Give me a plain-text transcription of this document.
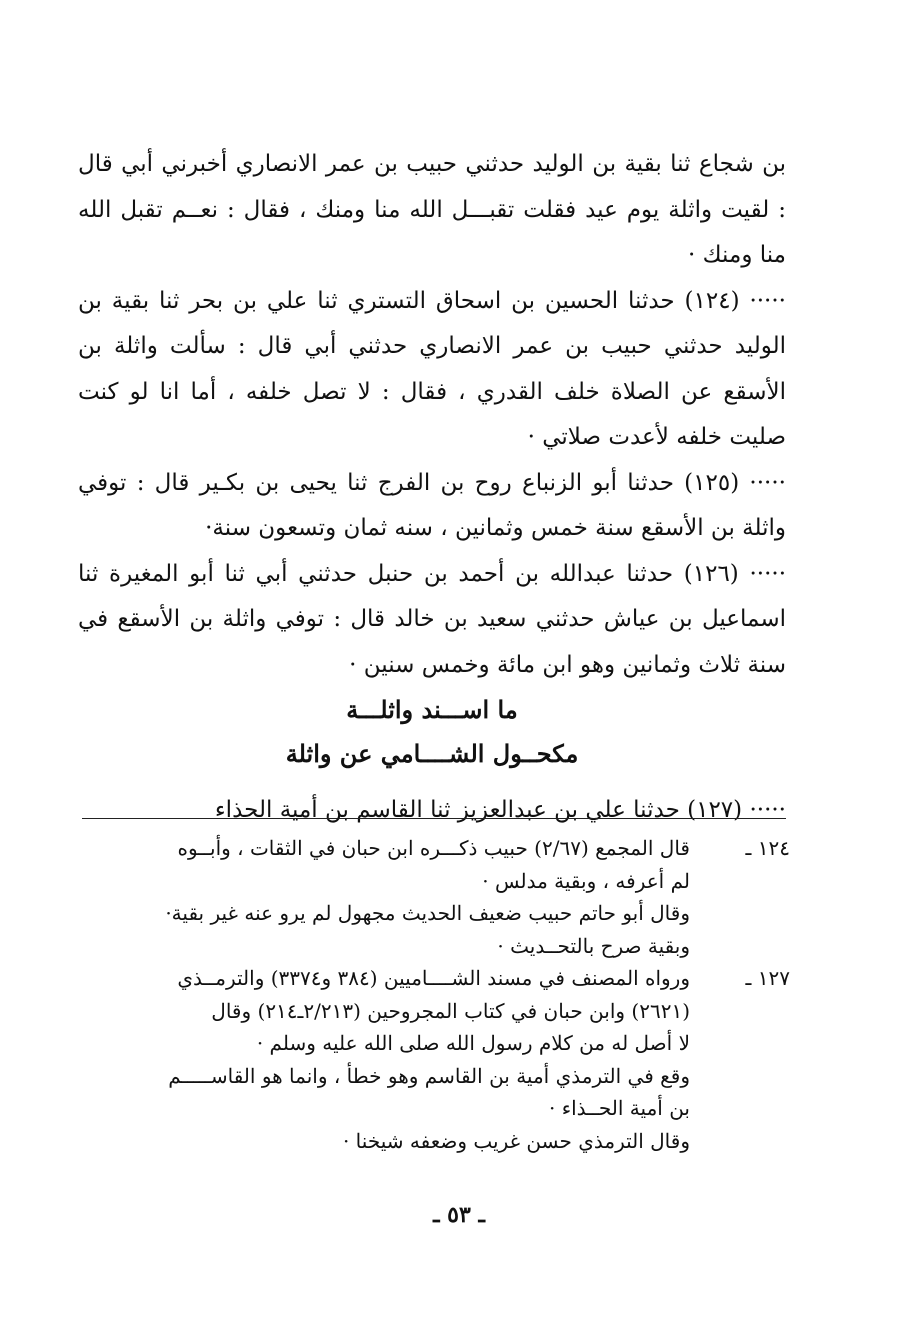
بن شجاع ثنا بقية بن الوليد حدثني حبيب بن عمر الانصاري أخبرني أبي قال : لقيت واثلة يوم عيد فقلت تقبـــل الله منا ومنك ، فقال : نعــم تقبل الله منا ومنك ·

····· (١٢٤) حدثنا الحسين بن اسحاق التستري ثنا علي بن بحر ثنا بقية بن الوليد حدثني حبيب بن عمر الانصاري حدثني أبي قال : سألت واثلة بن الأسقع عن الصلاة خلف القدري ، فقال : لا تصل خلفه ، أما انا لو كنت صليت خلفه لأعدت صلاتي ·

····· (١٢٥) حدثنا أبو الزنباع روح بن الفرج ثنا يحيى بن بكـير قال : توفي واثلة بن الأسقع سنة خمس وثمانين ، سنه ثمان وتسعون سنة·

····· (١٢٦) حدثنا عبدالله بن أحمد بن حنبل حدثني أبي ثنا أبو المغيرة ثنا اسماعيل بن عياش حدثني سعيد بن خالد قال : توفي واثلة بن الأسقع في سنة ثلاث وثمانين وهو ابن مائة وخمس سنين ·

ما اســـند واثلـــة
مكحــول الشــــامي عن واثلة

····· (١٢٧) حدثنا علي بن عبدالعزيز ثنا القاسم بن أمية الحذاء

١٢٤ ـ
قال المجمع (٢/٦٧) حبيب ذكـــره ابن حبان في الثقات ، وأبــوه
لم أعرفه ، وبقية مدلس ·
وقال أبو حاتم حبيب ضعيف الحديث مجهول لم يرو عنه غير بقية·
وبقية صرح بالتحــديث ·
١٢٧ ـ
ورواه المصنف في مسند الشــــاميين (٣٨٤ و٣٣٧٤) والترمــذي
(٢٦٢١) وابن حبان في كتاب المجروحين (٢/٢١٣ـ٢١٤) وقال
لا أصل له من كلام رسول الله صلى الله عليه وسلم ·
وقع في الترمذي أمية بن القاسم وهو خطأ ، وانما هو القاســـــم
بن أمية الحــذاء ·
وقال الترمذي حسن غريب وضعفه شيخنا ·
ـ ٥٣ ـ
